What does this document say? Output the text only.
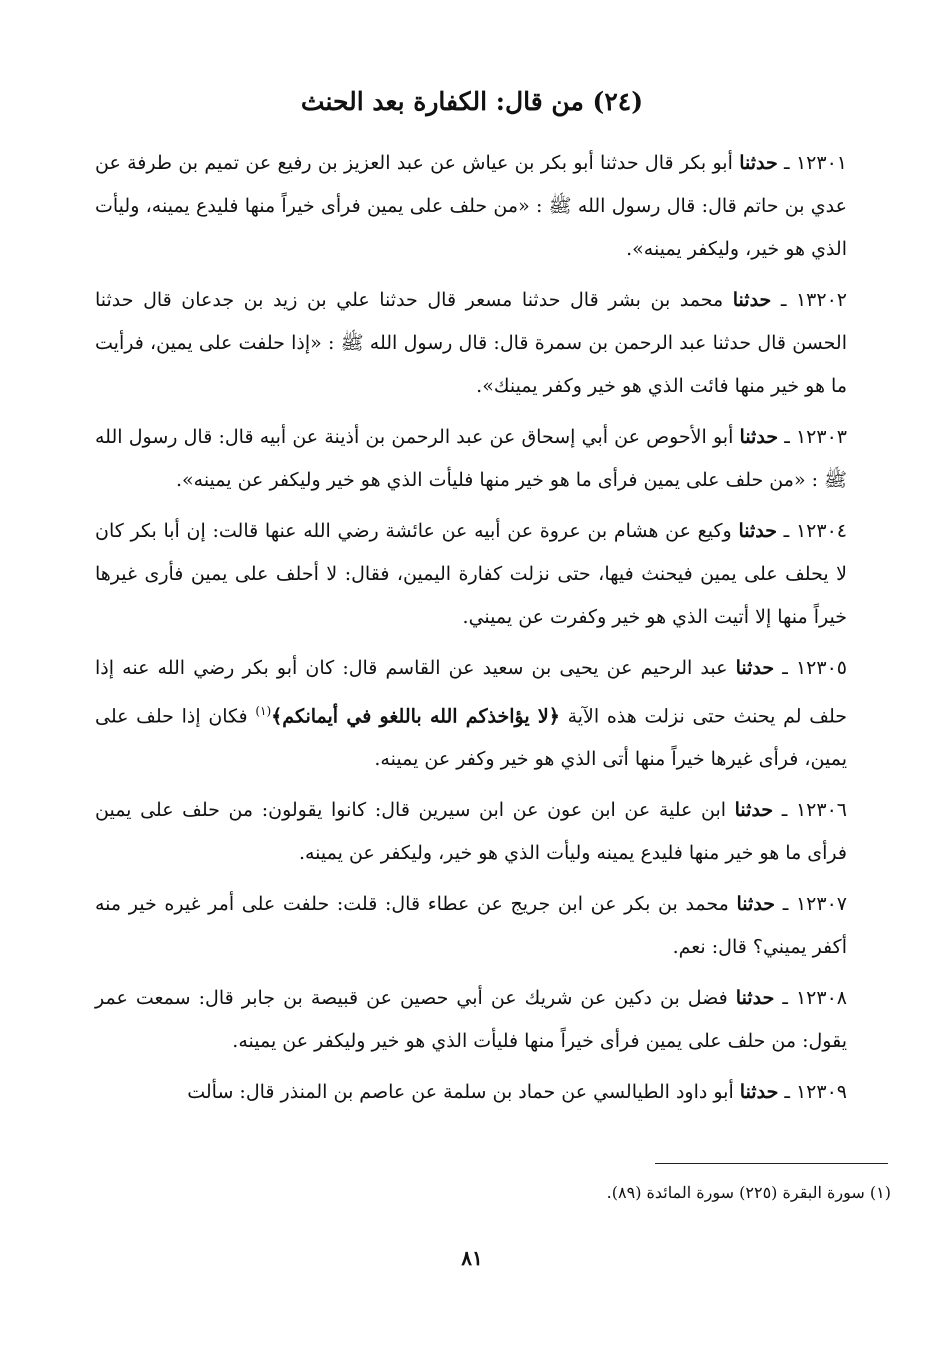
(٢٤) من قال: الكفارة بعد الحنث

١٢٣٠١ ـ حدثنا أبو بكر قال حدثنا أبو بكر بن عياش عن عبد العزيز بن رفيع عن تميم بن طرفة عن عدي بن حاتم قال: قال رسول الله ﷺ : «من حلف على يمين فرأى خيراً منها فليدع يمينه، وليأت الذي هو خير، وليكفر يمينه».

١٣٢٠٢ ـ حدثنا محمد بن بشر قال حدثنا مسعر قال حدثنا علي بن زيد بن جدعان قال حدثنا الحسن قال حدثنا عبد الرحمن بن سمرة قال: قال رسول الله ﷺ : «إذا حلفت على يمين، فرأيت ما هو خير منها فائت الذي هو خير وكفر يمينك».

١٢٣٠٣ ـ حدثنا أبو الأحوص عن أبي إسحاق عن عبد الرحمن بن أذينة عن أبيه قال: قال رسول الله ﷺ : «من حلف على يمين فرأى ما هو خير منها فليأت الذي هو خير وليكفر عن يمينه».

١٢٣٠٤ ـ حدثنا وكيع عن هشام بن عروة عن أبيه عن عائشة رضي الله عنها قالت: إن أبا بكر كان لا يحلف على يمين فيحنث فيها، حتى نزلت كفارة اليمين، فقال: لا أحلف على يمين فأرى غيرها خيراً منها إلا أتيت الذي هو خير وكفرت عن يميني.

١٢٣٠٥ ـ حدثنا عبد الرحيم عن يحيى بن سعيد عن القاسم قال: كان أبو بكر رضي الله عنه إذا حلف لم يحنث حتى نزلت هذه الآية ﴿لا يؤاخذكم الله باللغو في أيمانكم﴾$^{(١)}$ فكان إذا حلف على يمين، فرأى غيرها خيراً منها أتى الذي هو خير وكفر عن يمينه.

١٢٣٠٦ ـ حدثنا ابن علية عن ابن عون عن ابن سيرين قال: كانوا يقولون: من حلف على يمين فرأى ما هو خير منها فليدع يمينه وليأت الذي هو خير، وليكفر عن يمينه.

١٢٣٠٧ ـ حدثنا محمد بن بكر عن ابن جريج عن عطاء قال: قلت: حلفت على أمر غيره خير منه أكفر يميني؟ قال: نعم.

١٢٣٠٨ ـ حدثنا فضل بن دكين عن شريك عن أبي حصين عن قبيصة بن جابر قال: سمعت عمر يقول: من حلف على يمين فرأى خيراً منها فليأت الذي هو خير وليكفر عن يمينه.

١٢٣٠٩ ـ حدثنا أبو داود الطيالسي عن حماد بن سلمة عن عاصم بن المنذر قال: سألت

(١) سورة البقرة (٢٢٥) سورة المائدة (٨٩).
٨١
